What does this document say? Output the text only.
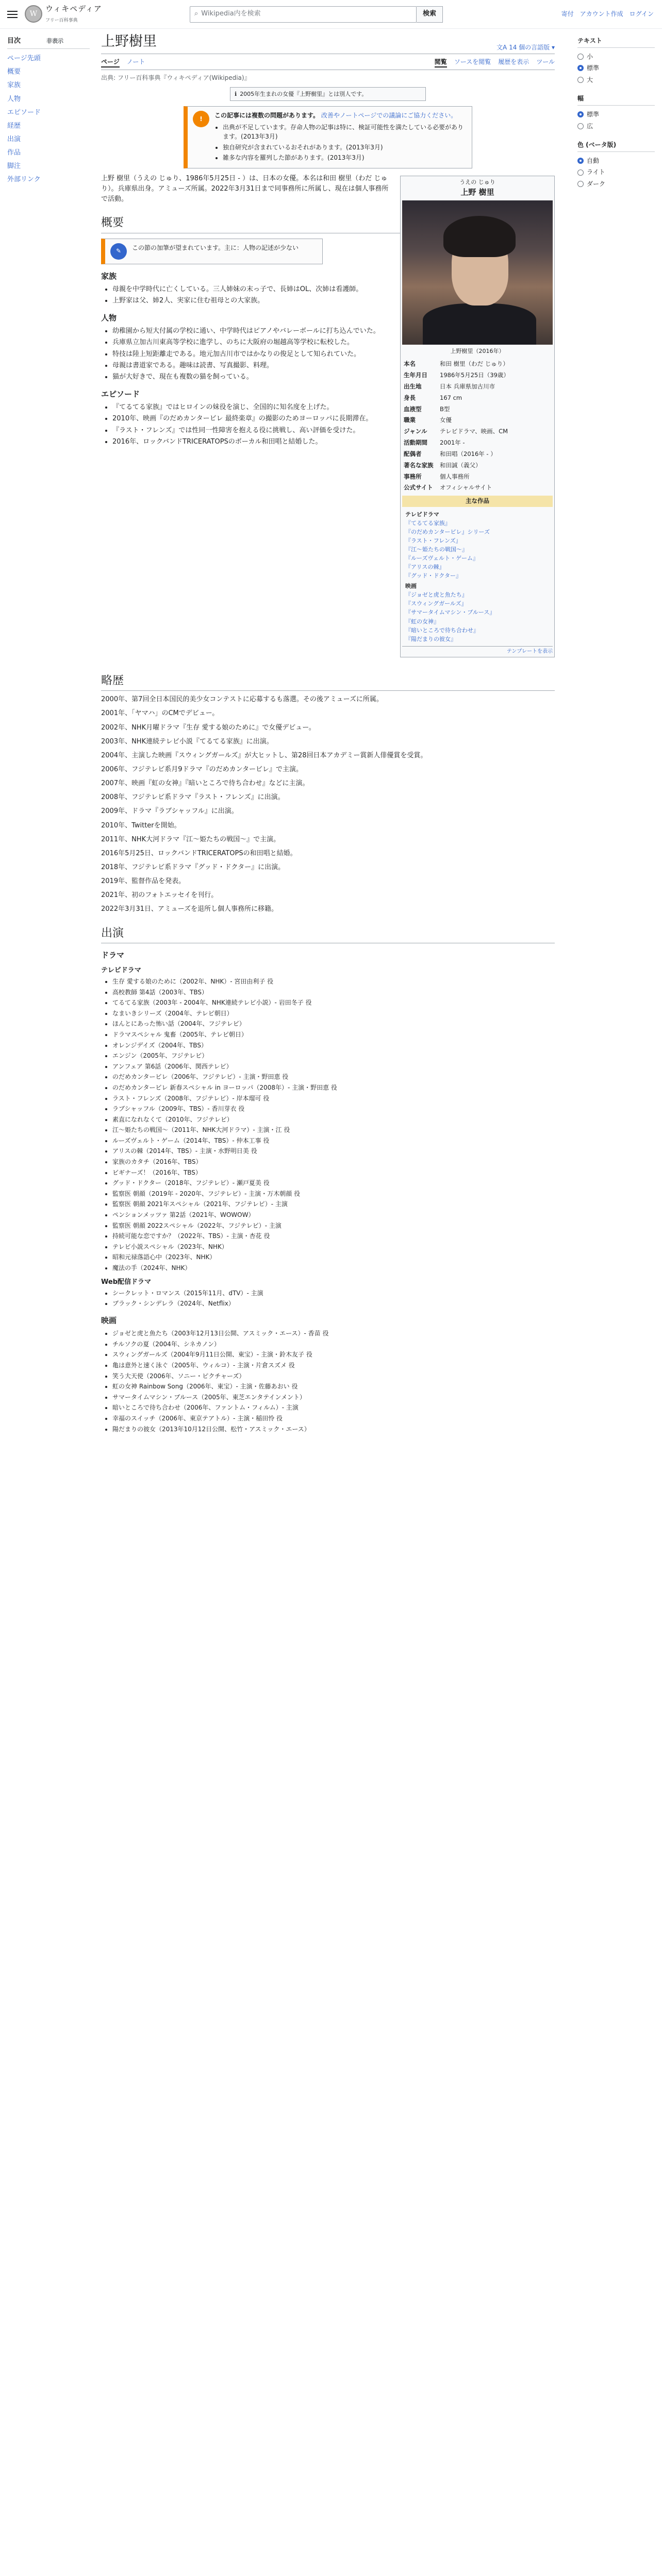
W
ウィキペディア
フリー百科事典
⌕ Wikipedia内を検索	検索	寄付 アカウント作成 ログイン
目次	非表示
ページ先頭
概要
家族
人物
エピソード
経歴
出演
作品
脚注
外部リンク
テキスト
小
標準
大
幅
標準
広
色 (ベータ版)
自動
ライト
ダーク
上野樹里	文A 14 個の言語版 ▾
ページ ノート	閲覧 ソースを閲覧 履歴を表示 ツール
出典: フリー百科事典『ウィキペディア(Wikipedia)』
ℹ 2005年生まれの女優『上野樹里』とは別人です。
!	この記事には複数の問題があります。 改善やノートページでの議論にご協力ください。
• 出典が不足しています。存命人物の記事は特に、検証可能性を満たしている必要があります。(2013年3月)
• 独自研究が含まれているおそれがあります。(2013年3月)
• 雑多な内容を羅列した節があります。(2013年3月)
うえの じゅり
上野 樹里
上野樹里（2016年）
本名	和田 樹里（わだ じゅり）
生年月日	1986年5月25日（39歳）
出生地	日本 兵庫県加古川市
身長	167 cm
血液型	B型
職業	女優
ジャンル	テレビドラマ、映画、CM
活動期間	2001年 -
配偶者	和田唱（2016年 - ）
著名な家族	和田誠（義父）
事務所	個人事務所
公式サイト	オフィシャルサイト
主な作品
テレビドラマ
『てるてる家族』
『のだめカンタービレ』シリーズ
『ラスト・フレンズ』
『江〜姫たちの戦国〜』
『ルーズヴェルト・ゲーム』
『アリスの棘』
『グッド・ドクター』
映画
『ジョゼと虎と魚たち』
『スウィングガールズ』
『サマータイムマシン・ブルース』
『虹の女神』
『暗いところで待ち合わせ』
『陽だまりの彼女』
テンプレートを表示

上野 樹里（うえの じゅり、1986年5月25日 - ）は、日本の女優。本名は和田 樹里（わだ じゅり）。兵庫県出身。アミューズ所属。2022年3月31日まで同事務所に所属し、現在は個人事務所で活動。

概要
✎	この節の加筆が望まれています。主に：人物の記述が少ない
家族
• 母親を中学時代に亡くしている。三人姉妹の末っ子で、長姉はOL、次姉は看護師。
• 上野家は父、姉2人、実家に住む祖母との大家族。
人物
• 幼稚園から短大付属の学校に通い、中学時代はピアノやバレーボールに打ち込んでいた。
• 兵庫県立加古川東高等学校に進学し、のちに大阪府の堀越高等学校に転校した。
• 特技は陸上短距離走である。地元加古川市ではかなりの俊足として知られていた。
• 母親は書道家である。趣味は読書、写真撮影、料理。
• 猫が大好きで、現在も複数の猫を飼っている。
エピソード
• 『てるてる家族』ではヒロインの妹役を演じ、全国的に知名度を上げた。
• 2010年、映画『のだめカンタービレ 最終楽章』の撮影のためヨーロッパに長期滞在。
• 『ラスト・フレンズ』では性同一性障害を抱える役に挑戦し、高い評価を受けた。
• 2016年、ロックバンドTRICERATOPSのボーカル和田唱と結婚した。
略歴

2000年、第7回全日本国民的美少女コンテストに応募するも落選。その後アミューズに所属。

2001年、「ヤマハ」のCMでデビュー。

2002年、NHK月曜ドラマ『生存 愛する娘のために』で女優デビュー。

2003年、NHK連続テレビ小説『てるてる家族』に出演。

2004年、主演した映画『スウィングガールズ』が大ヒットし、第28回日本アカデミー賞新人俳優賞を受賞。

2006年、フジテレビ系月9ドラマ『のだめカンタービレ』で主演。

2007年、映画『虹の女神』『暗いところで待ち合わせ』などに主演。

2008年、フジテレビ系ドラマ『ラスト・フレンズ』に出演。

2009年、ドラマ『ラブシャッフル』に出演。

2010年、Twitterを開始。

2011年、NHK大河ドラマ『江〜姫たちの戦国〜』で主演。

2016年5月25日、ロックバンドTRICERATOPSの和田唱と結婚。

2018年、フジテレビ系ドラマ『グッド・ドクター』に出演。

2019年、監督作品を発表。

2021年、初のフォトエッセイを刊行。

2022年3月31日、アミューズを退所し個人事務所に移籍。

出演
ドラマ
テレビドラマ
• 生存 愛する娘のために（2002年、NHK）- 宮田由利子 役
• 高校教師 第4話（2003年、TBS）
• てるてる家族（2003年 - 2004年、NHK連続テレビ小説）- 岩田冬子 役
• なまいきシリーズ（2004年、テレビ朝日）
• ほんとにあった怖い話（2004年、フジテレビ）
• ドラマスペシャル 鬼畜（2005年、テレビ朝日）
• オレンジデイズ（2004年、TBS）
• エンジン（2005年、フジテレビ）
• アンフェア 第6話（2006年、関西テレビ）
• のだめカンタービレ（2006年、フジテレビ）- 主演・野田恵 役
• のだめカンタービレ 新春スペシャル in ヨーロッパ（2008年）- 主演・野田恵 役
• ラスト・フレンズ（2008年、フジテレビ）- 岸本瑠可 役
• ラブシャッフル（2009年、TBS）- 香川芽衣 役
• 素直になれなくて（2010年、フジテレビ）
• 江〜姫たちの戦国〜（2011年、NHK大河ドラマ）- 主演・江 役
• ルーズヴェルト・ゲーム（2014年、TBS）- 仲本工事 役
• アリスの棘（2014年、TBS）- 主演・水野明日美 役
• 家族のカタチ（2016年、TBS）
• ビギナーズ！（2016年、TBS）
• グッド・ドクター（2018年、フジテレビ）- 瀬戸夏美 役
• 監察医 朝顔（2019年 - 2020年、フジテレビ）- 主演・万木朝顔 役
• 監察医 朝顔 2021年スペシャル（2021年、フジテレビ）- 主演
• ペンションメッツァ 第2話（2021年、WOWOW）
• 監察医 朝顔 2022スペシャル（2022年、フジテレビ）- 主演
• 持続可能な恋ですか？（2022年、TBS）- 主演・杏花 役
• テレビ小説スペシャル（2023年、NHK）
• 昭和元禄落語心中（2023年、NHK）
• 魔法の手（2024年、NHK）
Web配信ドラマ
• シークレット・ロマンス（2015年11月、dTV）- 主演
• ブラック・シンデレラ（2024年、Netflix）
映画
• ジョゼと虎と魚たち（2003年12月13日公開、アスミック・エース）- 香苗 役
• チルソクの夏（2004年、シネカノン）
• スウィングガールズ（2004年9月11日公開、東宝）- 主演・鈴木友子 役
• 亀は意外と速く泳ぐ（2005年、ウィルコ）- 主演・片倉スズメ 役
• 笑う大天使（2006年、ソニー・ピクチャーズ）
• 虹の女神 Rainbow Song（2006年、東宝）- 主演・佐藤あおい 役
• サマータイムマシン・ブルース（2005年、東芝エンタテインメント）
• 暗いところで待ち合わせ（2006年、ファントム・フィルム）- 主演
• 幸福のスイッチ（2006年、東京テアトル）- 主演・稲田怜 役
• 陽だまりの彼女（2013年10月12日公開、松竹・アスミック・エース）
